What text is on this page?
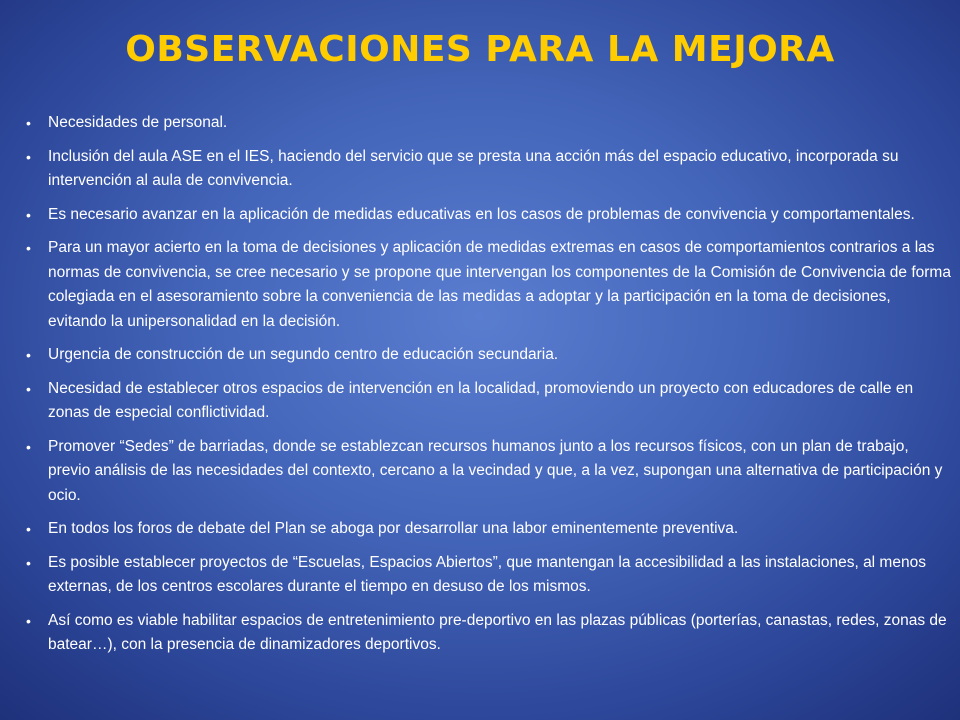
OBSERVACIONES PARA LA MEJORA
• Necesidades de personal.
• Inclusión del aula ASE en el IES, haciendo del servicio que se presta una acción más del espacio educativo, incorporada su intervención al aula de convivencia.
• Es necesario avanzar en la aplicación de medidas educativas en los casos de problemas de convivencia y comportamentales.
• Para un mayor acierto en la toma de decisiones y aplicación de medidas extremas en casos de comportamientos contrarios a las normas de convivencia, se cree necesario y se propone que intervengan los componentes de la Comisión de Convivencia de forma colegiada en el asesoramiento sobre la conveniencia de las medidas a adoptar y la participación en la toma de decisiones, evitando la unipersonalidad en la decisión.
• Urgencia de construcción de un segundo centro de educación secundaria.
• Necesidad de establecer otros espacios de intervención en la localidad, promoviendo un proyecto con educadores de calle en zonas de especial conflictividad.
• Promover “Sedes” de barriadas, donde se establezcan recursos humanos junto a los recursos físicos, con un plan de trabajo, previo análisis de las necesidades del contexto, cercano a la vecindad y que, a la vez, supongan una alternativa de participación y ocio.
• En todos los foros de debate del Plan se aboga por desarrollar una labor eminentemente preventiva.
• Es posible establecer proyectos de “Escuelas, Espacios Abiertos”, que mantengan la accesibilidad a las instalaciones, al menos externas, de los centros escolares durante el tiempo en desuso de los mismos.
• Así como es viable habilitar espacios de entretenimiento pre-deportivo en las plazas públicas (porterías, canastas, redes, zonas de batear…), con la presencia de dinamizadores deportivos.
